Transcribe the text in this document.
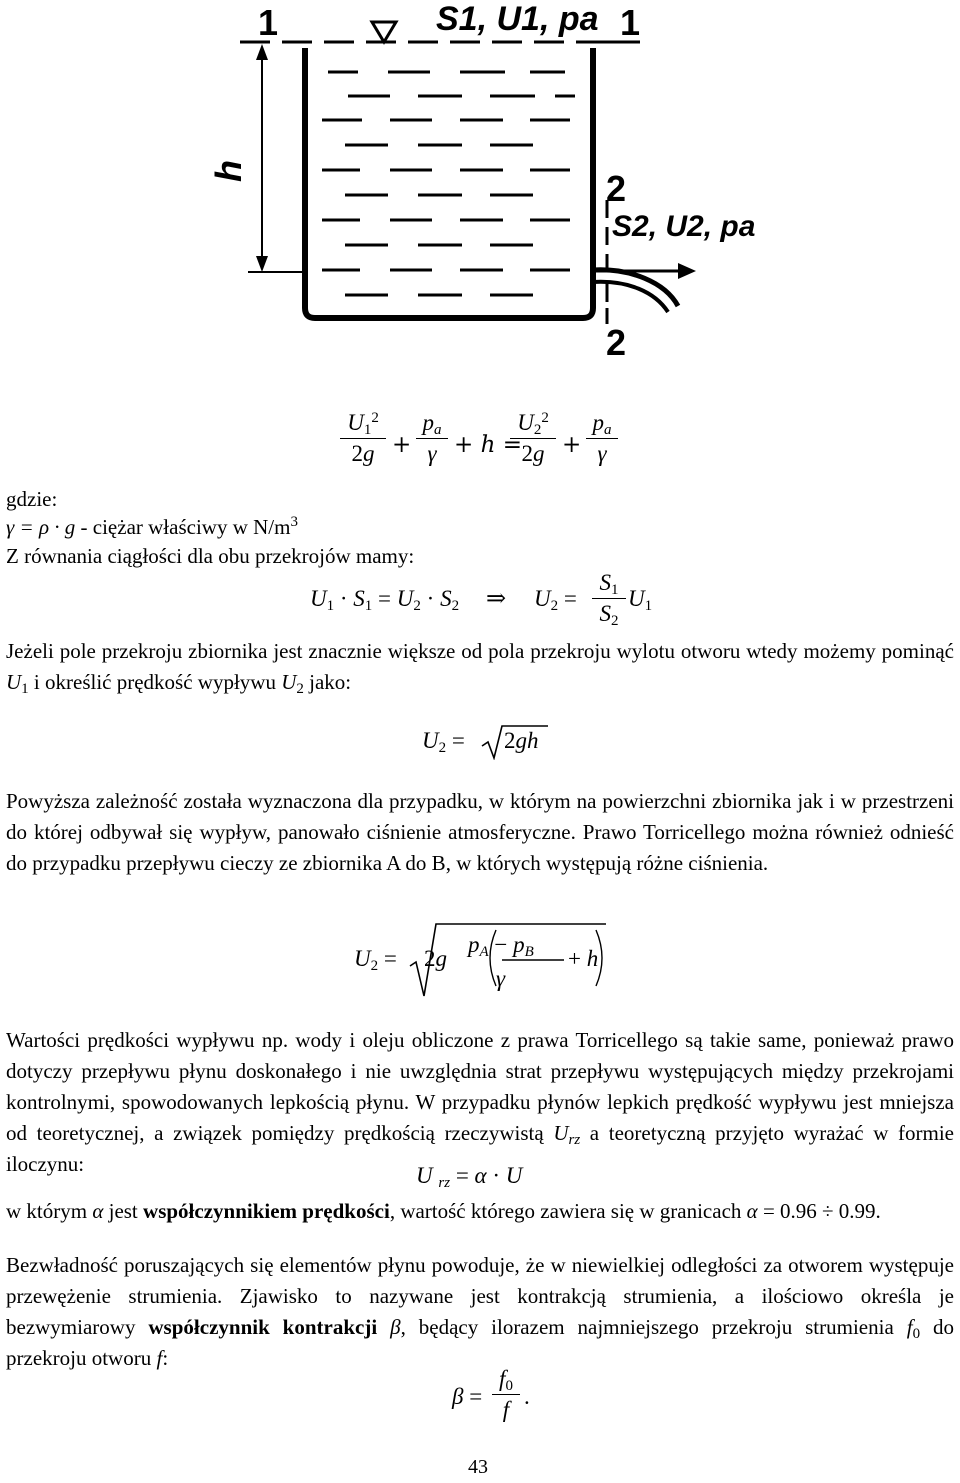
1	1
S1, U1, pa
h	2
S2, U2, pa
2
$U_1^2$
2g +
$p_a$
γ + h =
$U_2^2$
2g +
$p_a$
γ
gdzie:
γ = ρ · g - ciężar właściwy w $N/m^3$
Z równania ciągłości dla obu przekrojów mamy:
$U_1 \cdot S_1 = U_2 \cdot S_2$ ⇒ $U_2$ =
$S_1$
$S_2$
$U_1$
Jeżeli pole przekroju zbiornika jest znacznie większe od pola przekroju wylotu otworu wtedy możemy pominąć $U_1$ i określić prędkość wypływu $U_2$ jako:
$U_2 = 2gh$
Powyższa zależność została wyznaczona dla przypadku, w którym na powierzchni zbiornika jak i w przestrzeni do której odbywał się wypływ, panowało ciśnienie atmosferyczne. Prawo Torricellego można również odnieść do przypadku przepływu cieczy ze zbiornika A do B, w których występują różne ciśnienia.
$U_2 = 2g$
$p_A - p_B$
γ
+ h
Wartości prędkości wypływu np. wody i oleju obliczone z prawa Torricellego są takie same, ponieważ prawo dotyczy przepływu płynu doskonałego i nie uwzględnia strat przepływu występujących między przekrojami kontrolnymi, spowodowanych lepkością płynu. W przypadku płynów lepkich prędkość wypływu jest mniejsza od teoretycznej, a związek pomiędzy prędkością rzeczywistą $U_{rz}$ a teoretyczną przyjęto wyrażać w formie iloczynu:	U $_{rz}$ = α · U
w którym α jest współczynnikiem prędkości, wartość którego zawiera się w granicach α = 0.96 ÷ 0.99.
Bezwładność poruszających się elementów płynu powoduje, że w niewielkiej odległości za otworem występuje przewężenie strumienia. Zjawisko to nazywane jest kontrakcją strumienia, a ilościowo określa je bezwymiarowy współczynnik kontrakcji β, będący ilorazem najmniejszego przekroju strumienia $f_0$ do przekroju otworu f:
β =
$f_0$
f
.
43
